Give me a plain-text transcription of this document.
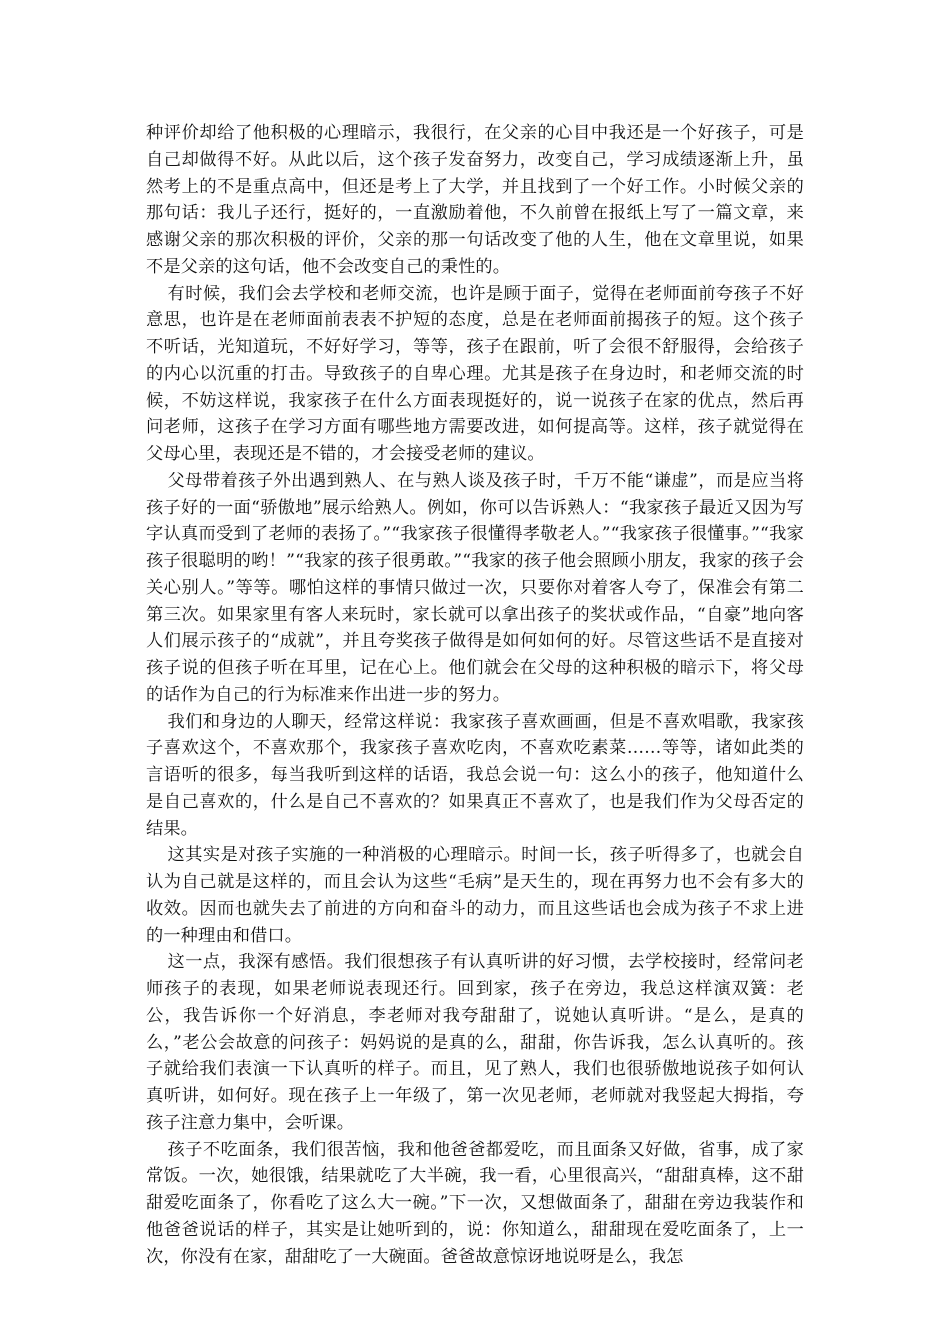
种评价却给了他积极的心理暗示，我很行，在父亲的心目中我还是一个好孩子，可是自己却做得不好。从此以后，这个孩子发奋努力，改变自己，学习成绩逐渐上升，虽然考上的不是重点高中，但还是考上了大学，并且找到了一个好工作。小时候父亲的那句话：我儿子还行，挺好的，一直激励着他，不久前曾在报纸上写了一篇文章，来感谢父亲的那次积极的评价，父亲的那一句话改变了他的人生，他在文章里说，如果不是父亲的这句话，他不会改变自己的秉性的。

有时候，我们会去学校和老师交流，也许是顾于面子，觉得在老师面前夸孩子不好意思，也许是在老师面前表表不护短的态度，总是在老师面前揭孩子的短。这个孩子不听话，光知道玩，不好好学习，等等，孩子在跟前，听了会很不舒服得，会给孩子的内心以沉重的打击。导致孩子的自卑心理。尤其是孩子在身边时，和老师交流的时候，不妨这样说，我家孩子在什么方面表现挺好的，说一说孩子在家的优点，然后再问老师，这孩子在学习方面有哪些地方需要改进，如何提高等。这样，孩子就觉得在父母心里，表现还是不错的，才会接受老师的建议。

父母带着孩子外出遇到熟人、在与熟人谈及孩子时，千万不能“谦虚”，而是应当将孩子好的一面“骄傲地”展示给熟人。例如，你可以告诉熟人：“我家孩子最近又因为写字认真而受到了老师的表扬了。”“我家孩子很懂得孝敬老人。”“我家孩子很懂事。”“我家孩子很聪明的哟！”“我家的孩子很勇敢。”“我家的孩子他会照顾小朋友，我家的孩子会关心别人。”等等。哪怕这样的事情只做过一次，只要你对着客人夸了，保准会有第二第三次。如果家里有客人来玩时，家长就可以拿出孩子的奖状或作品，“自豪”地向客人们展示孩子的“成就”，并且夸奖孩子做得是如何如何的好。尽管这些话不是直接对孩子说的但孩子听在耳里，记在心上。他们就会在父母的这种积极的暗示下，将父母的话作为自己的行为标准来作出进一步的努力。

我们和身边的人聊天，经常这样说：我家孩子喜欢画画，但是不喜欢唱歌，我家孩子喜欢这个，不喜欢那个，我家孩子喜欢吃肉，不喜欢吃素菜……等等，诸如此类的言语听的很多，每当我听到这样的话语，我总会说一句：这么小的孩子，他知道什么是自己喜欢的，什么是自己不喜欢的？如果真正不喜欢了，也是我们作为父母否定的结果。

这其实是对孩子实施的一种消极的心理暗示。时间一长，孩子听得多了，也就会自认为自己就是这样的，而且会认为这些“毛病”是天生的，现在再努力也不会有多大的收效。因而也就失去了前进的方向和奋斗的动力，而且这些话也会成为孩子不求上进的一种理由和借口。

这一点，我深有感悟。我们很想孩子有认真听讲的好习惯，去学校接时，经常问老师孩子的表现，如果老师说表现还行。回到家，孩子在旁边，我总这样演双簧：老公，我告诉你一个好消息，李老师对我夸甜甜了，说她认真听讲。“是么，是真的么，”老公会故意的问孩子：妈妈说的是真的么，甜甜，你告诉我，怎么认真听的。孩子就给我们表演一下认真听的样子。而且，见了熟人，我们也很骄傲地说孩子如何认真听讲，如何好。现在孩子上一年级了，第一次见老师，老师就对我竖起大拇指，夸孩子注意力集中，会听课。

孩子不吃面条，我们很苦恼，我和他爸爸都爱吃，而且面条又好做，省事，成了家常饭。一次，她很饿，结果就吃了大半碗，我一看，心里很高兴，“甜甜真棒，这不甜甜爱吃面条了，你看吃了这么大一碗。”下一次，又想做面条了，甜甜在旁边我装作和他爸爸说话的样子，其实是让她听到的，说：你知道么，甜甜现在爱吃面条了，上一次，你没有在家，甜甜吃了一大碗面。爸爸故意惊讶地说呀是么，我怎
